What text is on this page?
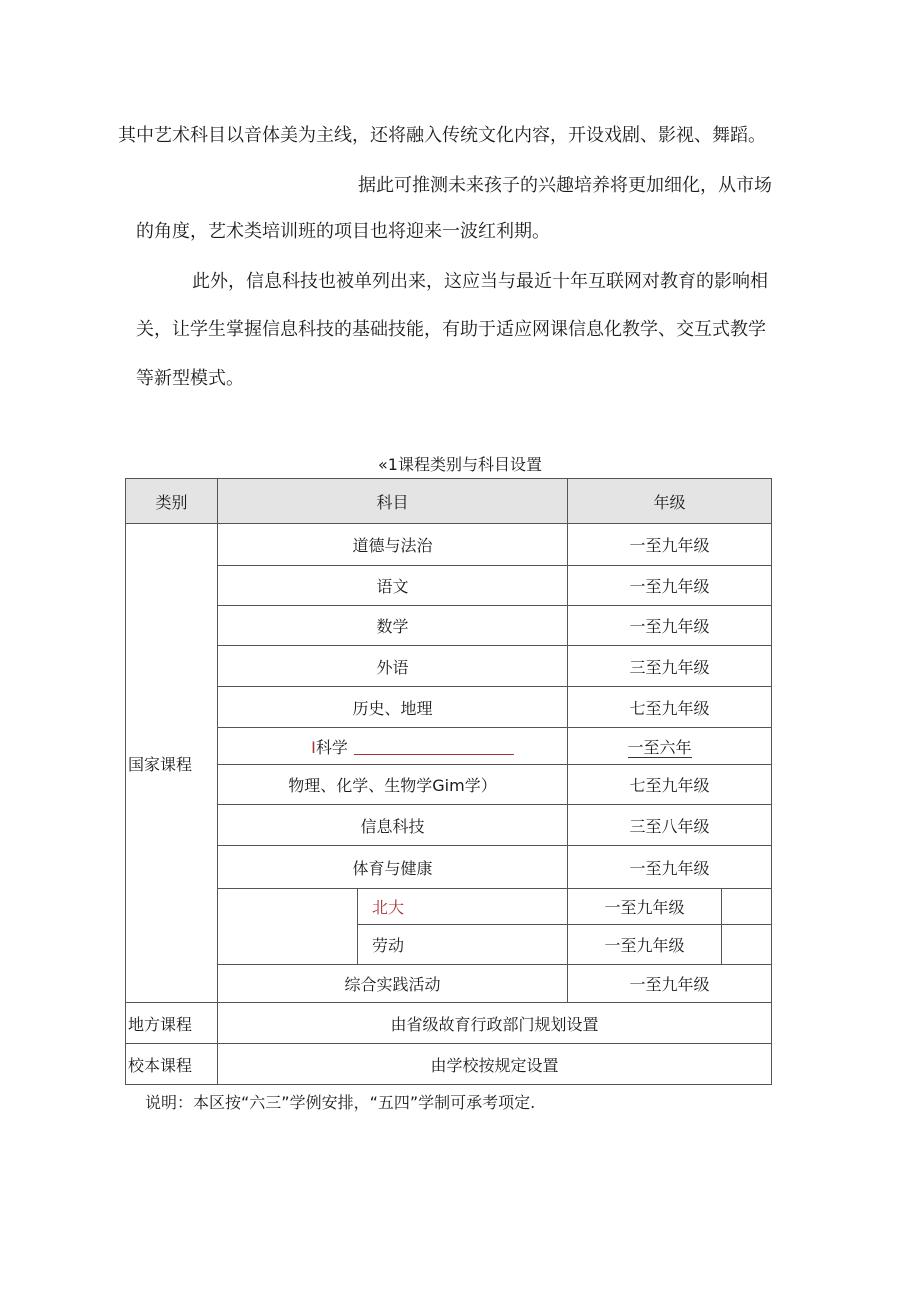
其中艺术科目以音体美为主线，还将融入传统文化内容，开设戏剧、影视、舞蹈。
据此可推测未来孩子的兴趣培养将更加细化，从市场
的角度，艺术类培训班的项目也将迎来一波红利期。
此外，信息科技也被单列出来，这应当与最近十年互联网对教育的影响相
关，让学生掌握信息科技的基础技能，有助于适应网课信息化教学、交互式教学
等新型模式。
«1课程类别与科目设置
类别	科目		年级	
国家课程	道德与法治		一至九年级	
	语文		一至九年级	
	数学		一至九年级	
	外语		三至九年级	
	历史、地理		七至九年级	
	I科学		一至六年	
	物理、化学、生物学Gim学）		七至九年级	
	信息科技		三至八年级	
	体育与健康		一至九年级	
		北大	一至九年级	
		劳动	一至九年级	
	综合实践活动		一至九年级	
地方课程	由省级故育行政部门规划设置			
校本课程	由学校按规定设置			
说明：本区按“六三”学例安排，“五四”学制可承考项定.
